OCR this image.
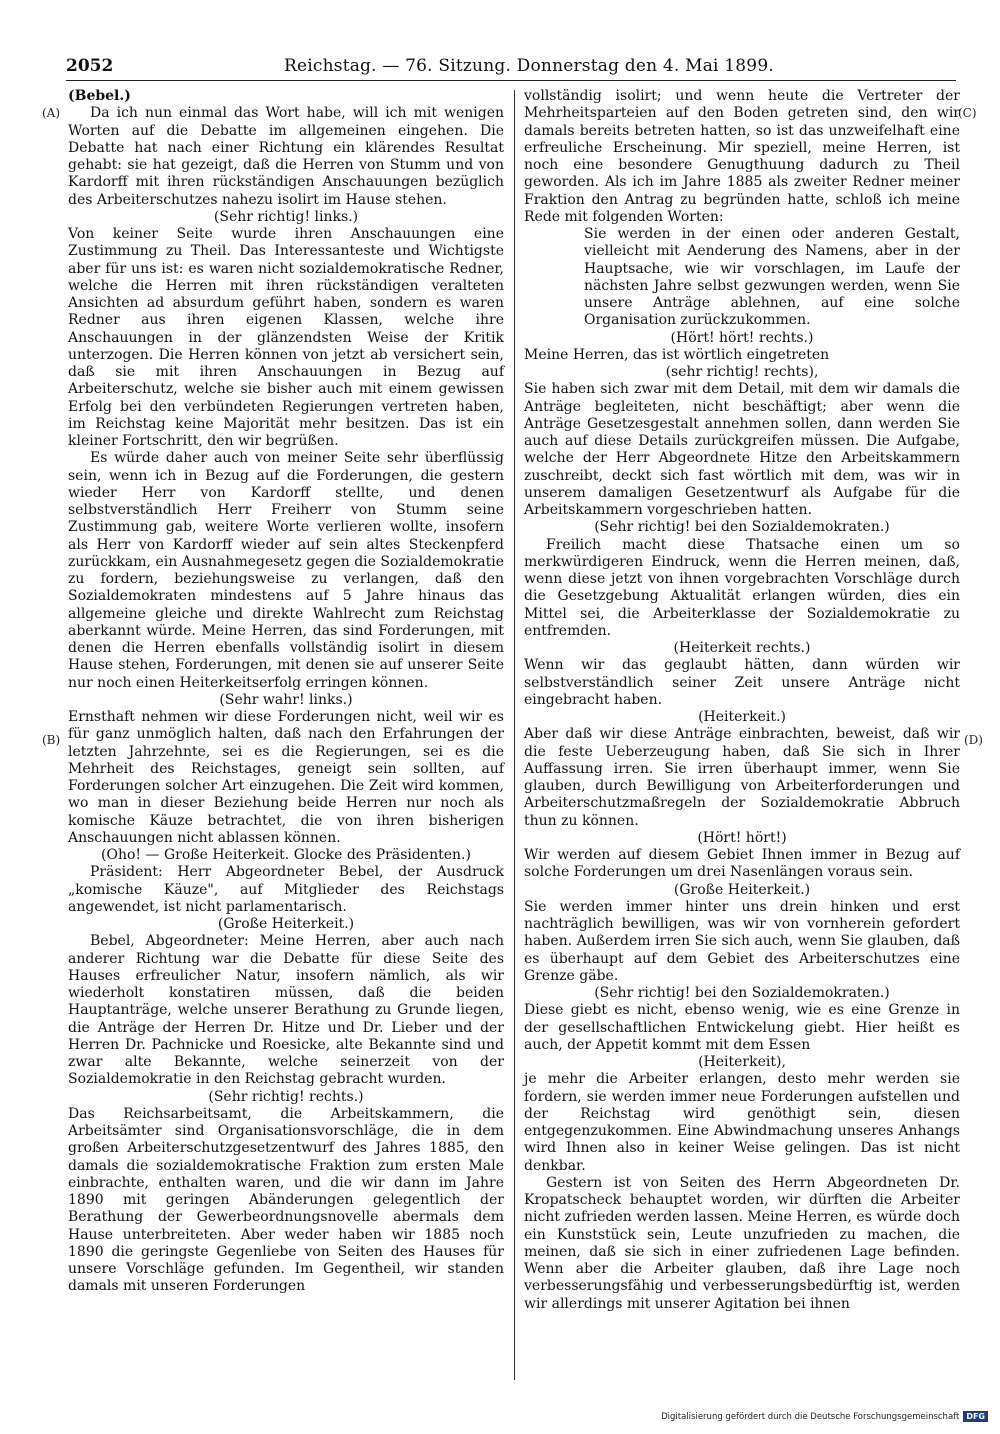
2052	Reichstag. — 76. Sitzung. Donnerstag den 4. Mai 1899.
(A)
(B)
(C)
(D)

(Bebel.)

Da ich nun einmal das Wort habe, will ich mit wenigen Worten auf die Debatte im allgemeinen eingehen. Die Debatte hat nach einer Richtung ein klärendes Resultat gehabt: sie hat gezeigt, daß die Herren von Stumm und von Kardorff mit ihren rückständigen Anschauungen bezüglich des Arbeiterschutzes nahezu isolirt im Hause stehen.

(Sehr richtig! links.)

Von keiner Seite wurde ihren Anschauungen eine Zustimmung zu Theil. Das Interessanteste und Wichtigste aber für uns ist: es waren nicht sozialdemokratische Redner, welche die Herren mit ihren rückständigen veralteten Ansichten ad absurdum geführt haben, sondern es waren Redner aus ihren eigenen Klassen, welche ihre Anschauungen in der glänzendsten Weise der Kritik unterzogen. Die Herren können von jetzt ab versichert sein, daß sie mit ihren Anschauungen in Bezug auf Arbeiterschutz, welche sie bisher auch mit einem gewissen Erfolg bei den verbündeten Regierungen vertreten haben, im Reichstag keine Majorität mehr besitzen. Das ist ein kleiner Fortschritt, den wir begrüßen.

Es würde daher auch von meiner Seite sehr überflüssig sein, wenn ich in Bezug auf die Forderungen, die gestern wieder Herr von Kardorff stellte, und denen selbstverständlich Herr Freiherr von Stumm seine Zustimmung gab, weitere Worte verlieren wollte, insofern als Herr von Kardorff wieder auf sein altes Steckenpferd zurückkam, ein Ausnahmegesetz gegen die Sozialdemokratie zu fordern, beziehungsweise zu verlangen, daß den Sozialdemokraten mindestens auf 5 Jahre hinaus das allgemeine gleiche und direkte Wahlrecht zum Reichstag aberkannt würde. Meine Herren, das sind Forderungen, mit denen die Herren ebenfalls vollständig isolirt in diesem Hause stehen, Forderungen, mit denen sie auf unserer Seite nur noch einen Heiterkeitserfolg erringen können.

(Sehr wahr! links.)

Ernsthaft nehmen wir diese Forderungen nicht, weil wir es für ganz unmöglich halten, daß nach den Erfahrungen der letzten Jahrzehnte, sei es die Regierungen, sei es die Mehrheit des Reichstages, geneigt sein sollten, auf Forderungen solcher Art einzugehen. Die Zeit wird kommen, wo man in dieser Beziehung beide Herren nur noch als komische Käuze betrachtet, die von ihren bisherigen Anschauungen nicht ablassen können.

(Oho! — Große Heiterkeit. Glocke des Präsidenten.)

Präsident: Herr Abgeordneter Bebel, der Ausdruck „komische Käuze", auf Mitglieder des Reichstags angewendet, ist nicht parlamentarisch.

(Große Heiterkeit.)

Bebel, Abgeordneter: Meine Herren, aber auch nach anderer Richtung war die Debatte für diese Seite des Hauses erfreulicher Natur, insofern nämlich, als wir wiederholt konstatiren müssen, daß die beiden Hauptanträge, welche unserer Berathung zu Grunde liegen, die Anträge der Herren Dr. Hitze und Dr. Lieber und der Herren Dr. Pachnicke und Roesicke, alte Bekannte sind und zwar alte Bekannte, welche seinerzeit von der Sozialdemokratie in den Reichstag gebracht wurden.

(Sehr richtig! rechts.)

Das Reichsarbeitsamt, die Arbeitskammern, die Arbeitsämter sind Organisationsvorschläge, die in dem großen Arbeiterschutzgesetzentwurf des Jahres 1885, den damals die sozialdemokratische Fraktion zum ersten Male einbrachte, enthalten waren, und die wir dann im Jahre 1890 mit geringen Abänderungen gelegentlich der Berathung der Gewerbeordnungsnovelle abermals dem Hause unterbreiteten. Aber weder haben wir 1885 noch 1890 die geringste Gegenliebe von Seiten des Hauses für unsere Vorschläge gefunden. Im Gegentheil, wir standen damals mit unseren Forderungen

vollständig isolirt; und wenn heute die Vertreter der Mehrheitsparteien auf den Boden getreten sind, den wir damals bereits betreten hatten, so ist das unzweifelhaft eine erfreuliche Erscheinung. Mir speziell, meine Herren, ist noch eine besondere Genugthuung dadurch zu Theil geworden. Als ich im Jahre 1885 als zweiter Redner meiner Fraktion den Antrag zu begründen hatte, schloß ich meine Rede mit folgenden Worten:

Sie werden in der einen oder anderen Gestalt, vielleicht mit Aenderung des Namens, aber in der Hauptsache, wie wir vorschlagen, im Laufe der nächsten Jahre selbst gezwungen werden, wenn Sie unsere Anträge ablehnen, auf eine solche Organisation zurückzukommen.

(Hört! hört! rechts.)

Meine Herren, das ist wörtlich eingetreten

(sehr richtig! rechts),

Sie haben sich zwar mit dem Detail, mit dem wir damals die Anträge begleiteten, nicht beschäftigt; aber wenn die Anträge Gesetzesgestalt annehmen sollen, dann werden Sie auch auf diese Details zurückgreifen müssen. Die Aufgabe, welche der Herr Abgeordnete Hitze den Arbeitskammern zuschreibt, deckt sich fast wörtlich mit dem, was wir in unserem damaligen Gesetzentwurf als Aufgabe für die Arbeitskammern vorgeschrieben hatten.

(Sehr richtig! bei den Sozialdemokraten.)

Freilich macht diese Thatsache einen um so merkwürdigeren Eindruck, wenn die Herren meinen, daß, wenn diese jetzt von ihnen vorgebrachten Vorschläge durch die Gesetzgebung Aktualität erlangen würden, dies ein Mittel sei, die Arbeiterklasse der Sozialdemokratie zu entfremden.

(Heiterkeit rechts.)

Wenn wir das geglaubt hätten, dann würden wir selbstverständlich seiner Zeit unsere Anträge nicht eingebracht haben.

(Heiterkeit.)

Aber daß wir diese Anträge einbrachten, beweist, daß wir die feste Ueberzeugung haben, daß Sie sich in Ihrer Auffassung irren. Sie irren überhaupt immer, wenn Sie glauben, durch Bewilligung von Arbeiterforderungen und Arbeiterschutzmaßregeln der Sozialdemokratie Abbruch thun zu können.

(Hört! hört!)

Wir werden auf diesem Gebiet Ihnen immer in Bezug auf solche Forderungen um drei Nasenlängen voraus sein.

(Große Heiterkeit.)

Sie werden immer hinter uns drein hinken und erst nachträglich bewilligen, was wir von vornherein gefordert haben. Außerdem irren Sie sich auch, wenn Sie glauben, daß es überhaupt auf dem Gebiet des Arbeiterschutzes eine Grenze gäbe.

(Sehr richtig! bei den Sozialdemokraten.)

Diese giebt es nicht, ebenso wenig, wie es eine Grenze in der gesellschaftlichen Entwickelung giebt. Hier heißt es auch, der Appetit kommt mit dem Essen

(Heiterkeit),

je mehr die Arbeiter erlangen, desto mehr werden sie fordern, sie werden immer neue Forderungen aufstellen und der Reichstag wird genöthigt sein, diesen entgegenzukommen. Eine Abwindmachung unseres Anhangs wird Ihnen also in keiner Weise gelingen. Das ist nicht denkbar.

Gestern ist von Seiten des Herrn Abgeordneten Dr. Kropatscheck behauptet worden, wir dürften die Arbeiter nicht zufrieden werden lassen. Meine Herren, es würde doch ein Kunststück sein, Leute unzufrieden zu machen, die meinen, daß sie sich in einer zufriedenen Lage befinden. Wenn aber die Arbeiter glauben, daß ihre Lage noch verbesserungsfähig und verbesserungsbedürftig ist, werden wir allerdings mit unserer Agitation bei ihnen

Digitalisierung gefördert durch die Deutsche Forschungsgemeinschaft DFG
